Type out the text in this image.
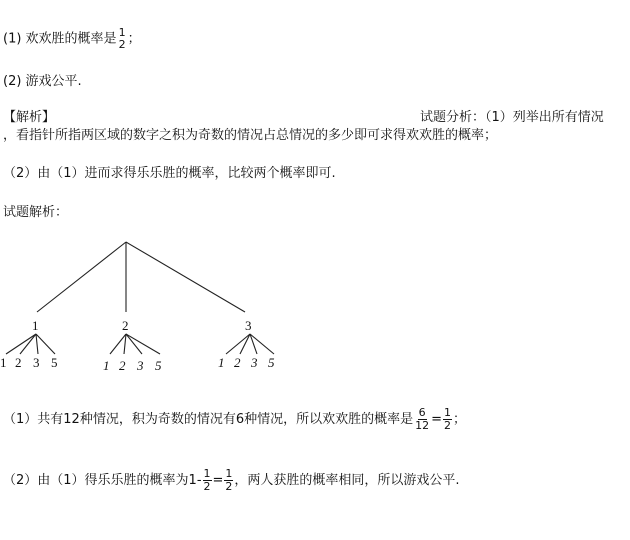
(1) 欢欢胜的概率是 1
2 ；
(2) 游戏公平.
【解析】	试题分析：（1）列举出所有情况
，看指针所指两区域的数字之积为奇数的情况占总情况的多少即可求得欢欢胜的概率；
（2）由（1）进而求得乐乐胜的概率，比较两个概率即可.
试题解析：
1	2	3
1 2 3 5	1 2 3 5	1 2 3 5
（1）共有12种情况，积为奇数的情况有6种情况，所以欢欢胜的概率是 $\frac{6}{12} = \frac{1}{2}$ ；
（2）由（1）得乐乐胜的概率为$1- \frac{1}{2} = \frac{1}{2}$ ，两人获胜的概率相同，所以游戏公平.
